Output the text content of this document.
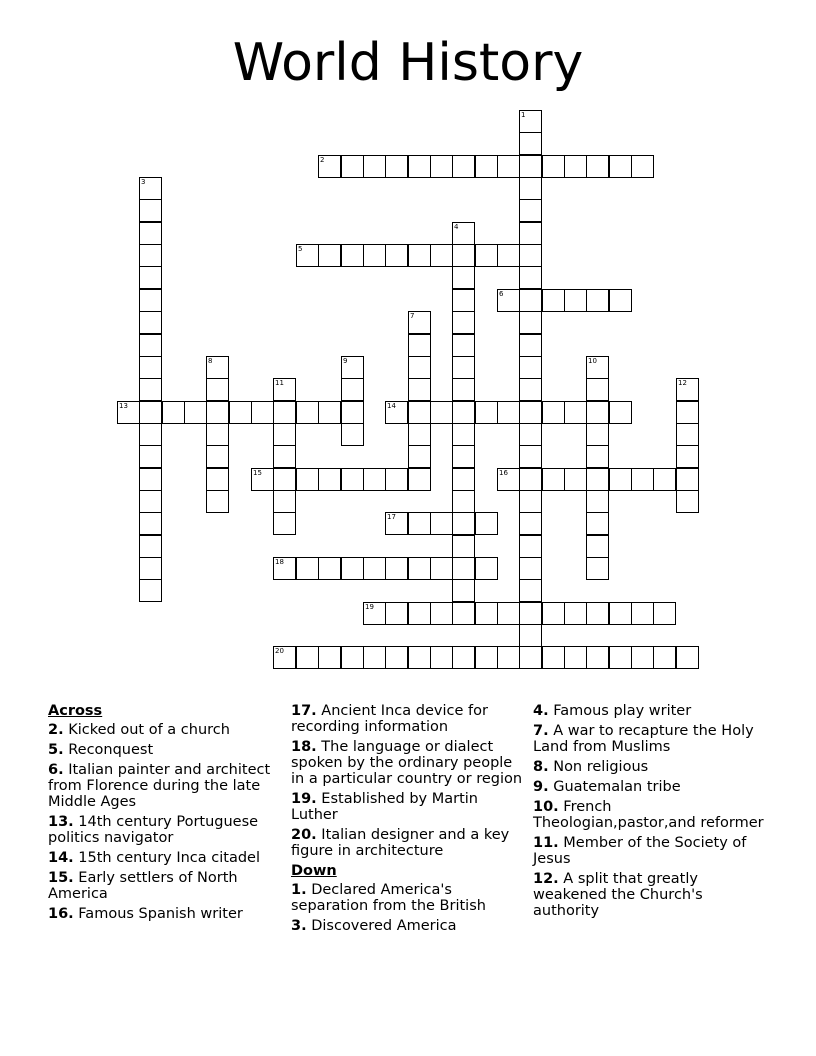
World History
1
2
3
4
5
6
7
8	9	10
11	12
13	14
15	16
17
18
19
20
Across
2. Kicked out of a church
5. Reconquest
6. Italian painter and architect from Florence during the late Middle Ages
13. 14th century Portuguese politics navigator
14. 15th century Inca citadel
15. Early settlers of North America
16. Famous Spanish writer
17. Ancient Inca device for recording information
18. The language or dialect spoken by the ordinary people in a particular country or region
19. Established by Martin Luther
20. Italian designer and a key figure in architecture
Down
1. Declared America's separation from the British
3. Discovered America
4. Famous play writer
7. A war to recapture the Holy Land from Muslims
8. Non religious
9. Guatemalan tribe
10. French Theologian,pastor,and reformer
11. Member of the Society of Jesus
12. A split that greatly weakened the Church's authority
